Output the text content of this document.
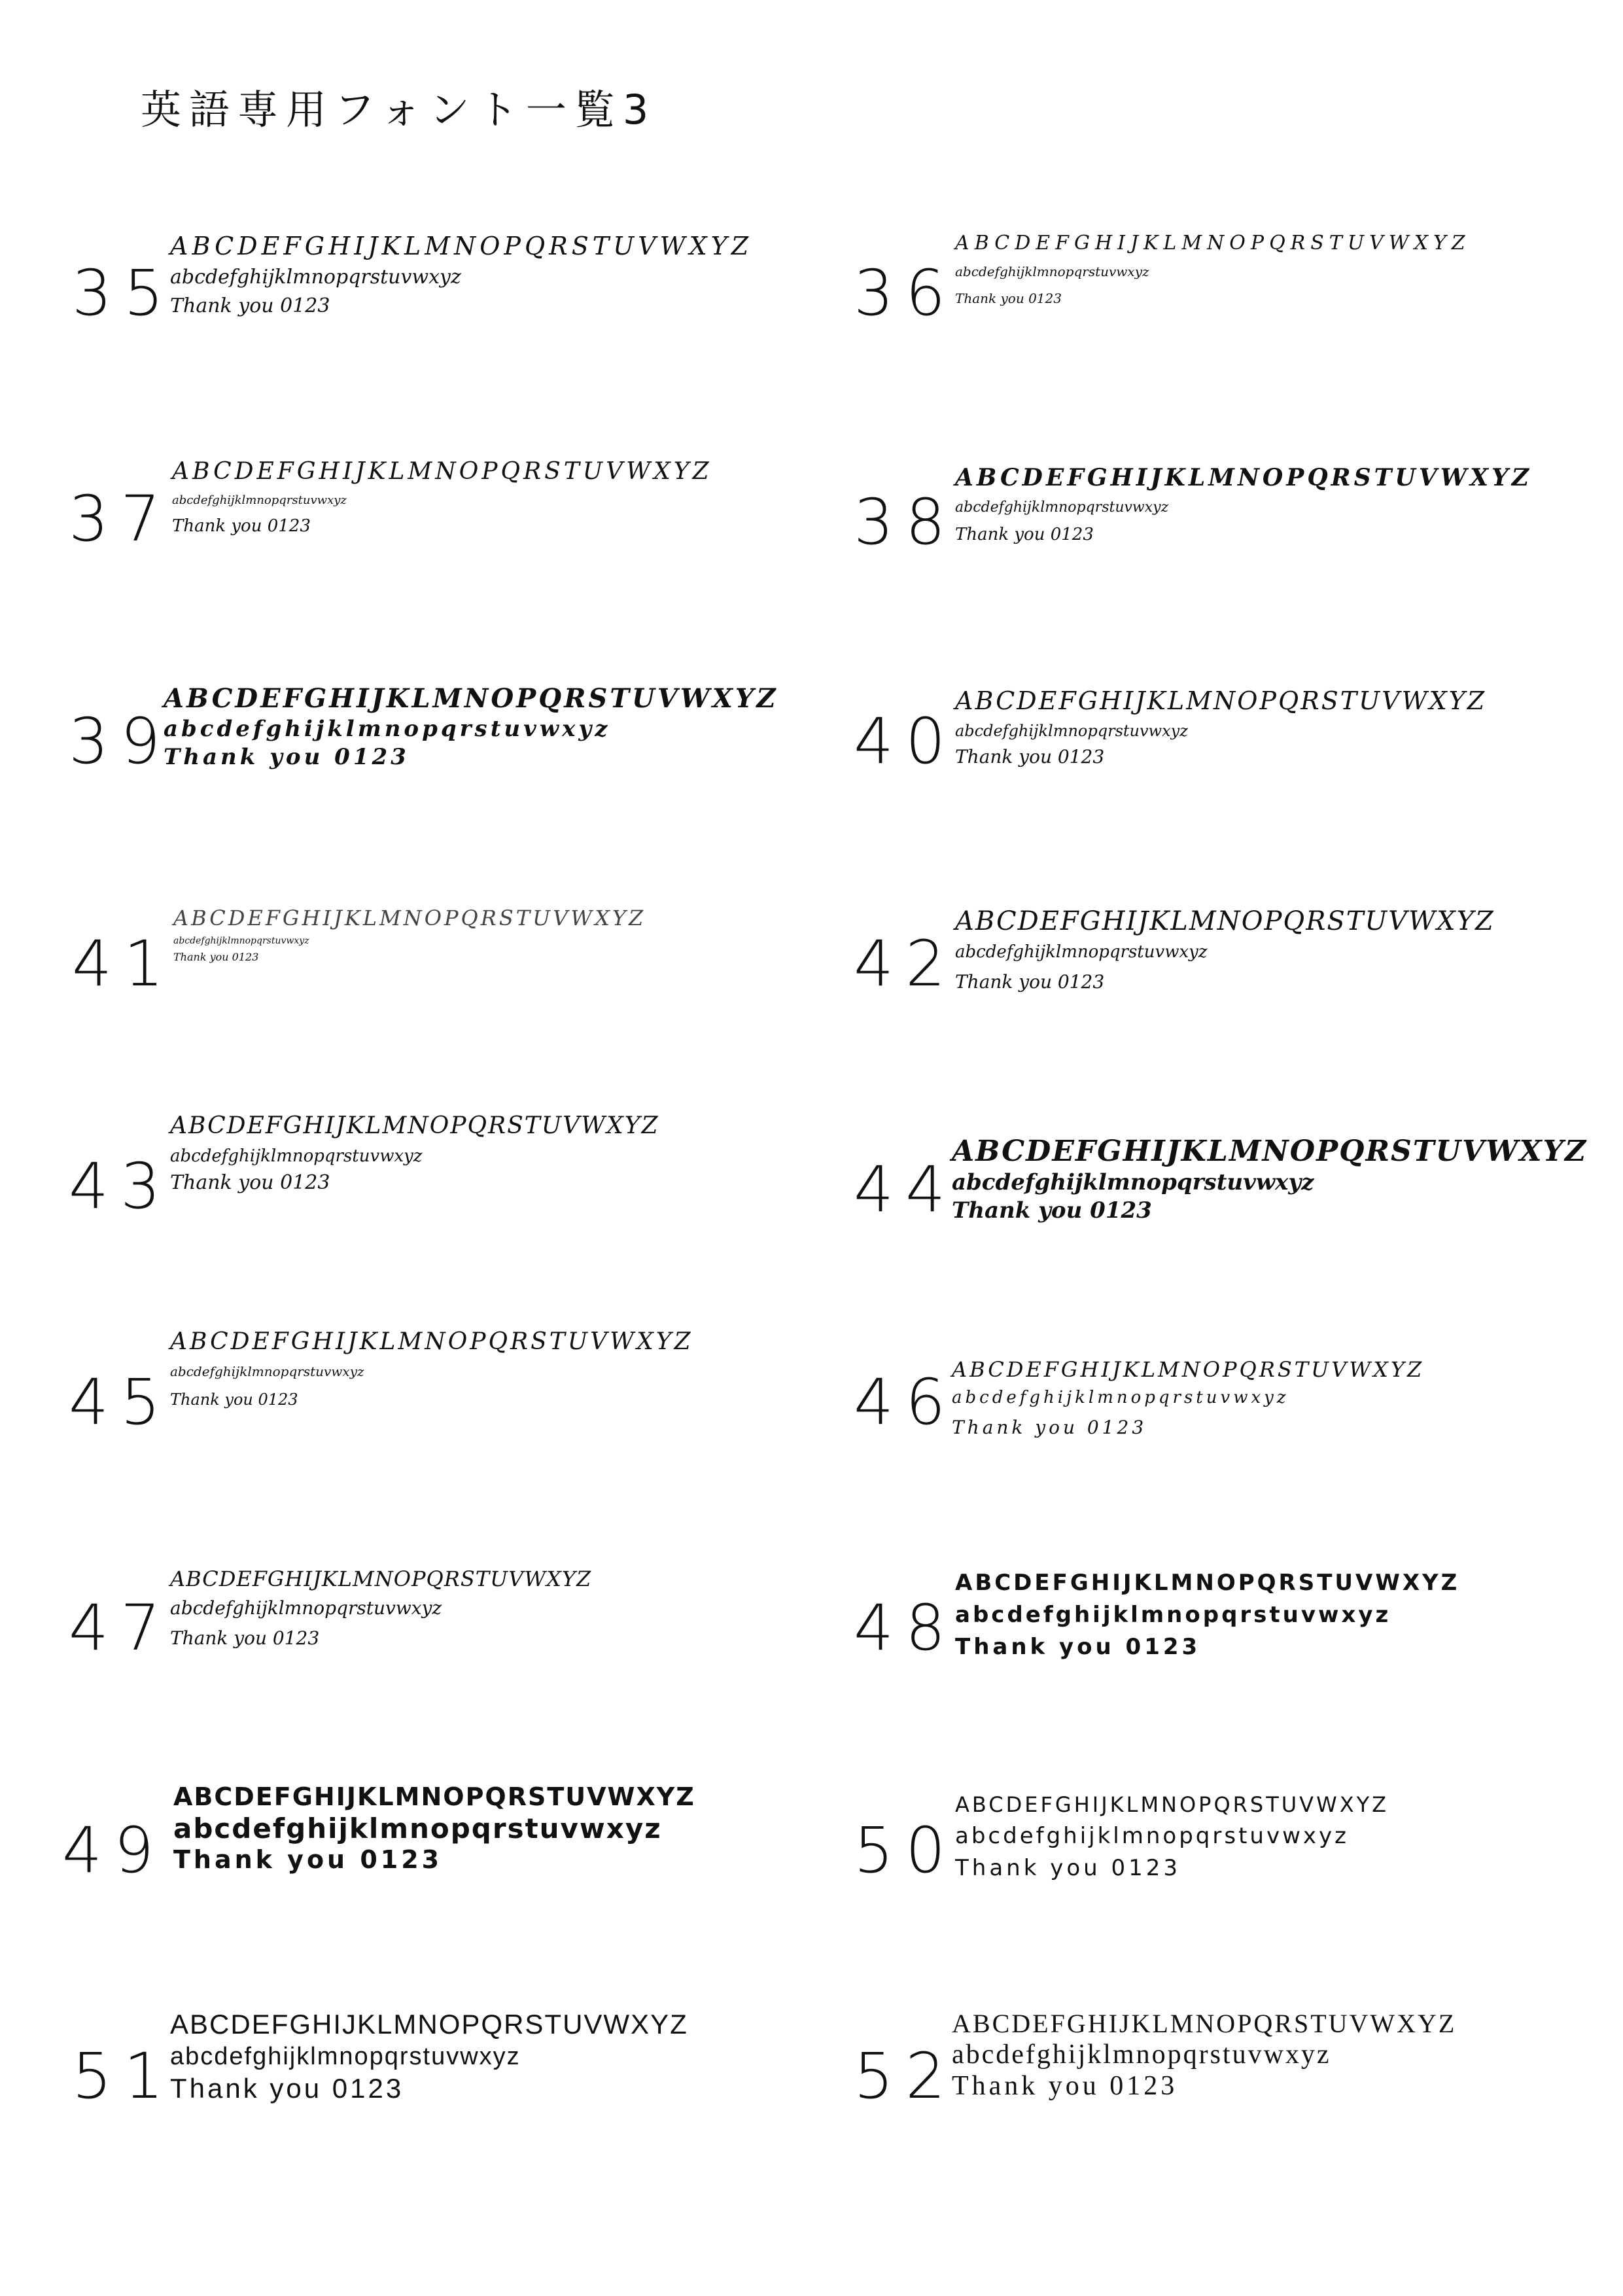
英語専用フォント一覧3
35
ABCDEFGHIJKLMNOPQRSTUVWXYZ
abcdefghijklmnopqrstuvwxyz
Thank you 0123	36
ABCDEFGHIJKLMNOPQRSTUVWXYZ
abcdefghijklmnopqrstuvwxyz
Thank you 0123
37
ABCDEFGHIJKLMNOPQRSTUVWXYZ
abcdefghijklmnopqrstuvwxyz
Thank you 0123	38
ABCDEFGHIJKLMNOPQRSTUVWXYZ
abcdefghijklmnopqrstuvwxyz
Thank you 0123
39
ABCDEFGHIJKLMNOPQRSTUVWXYZ
abcdefghijklmnopqrstuvwxyz
Thank you 0123	40
ABCDEFGHIJKLMNOPQRSTUVWXYZ
abcdefghijklmnopqrstuvwxyz
Thank you 0123
41
ABCDEFGHIJKLMNOPQRSTUVWXYZ
abcdefghijklmnopqrstuvwxyz
Thank you 0123	42
ABCDEFGHIJKLMNOPQRSTUVWXYZ
abcdefghijklmnopqrstuvwxyz
Thank you 0123
43
ABCDEFGHIJKLMNOPQRSTUVWXYZ
abcdefghijklmnopqrstuvwxyz
Thank you 0123	44
ABCDEFGHIJKLMNOPQRSTUVWXYZ
abcdefghijklmnopqrstuvwxyz
Thank you 0123
45
ABCDEFGHIJKLMNOPQRSTUVWXYZ
abcdefghijklmnopqrstuvwxyz
Thank you 0123	46
ABCDEFGHIJKLMNOPQRSTUVWXYZ
abcdefghijklmnopqrstuvwxyz
Thank you 0123
47
ABCDEFGHIJKLMNOPQRSTUVWXYZ
abcdefghijklmnopqrstuvwxyz
Thank you 0123	48
ABCDEFGHIJKLMNOPQRSTUVWXYZ
abcdefghijklmnopqrstuvwxyz
Thank you 0123
49
ABCDEFGHIJKLMNOPQRSTUVWXYZ
abcdefghijklmnopqrstuvwxyz
Thank you 0123	50
ABCDEFGHIJKLMNOPQRSTUVWXYZ
abcdefghijklmnopqrstuvwxyz
Thank you 0123
51
ABCDEFGHIJKLMNOPQRSTUVWXYZ
abcdefghijklmnopqrstuvwxyz
Thank you 0123	52
ABCDEFGHIJKLMNOPQRSTUVWXYZ
abcdefghijklmnopqrstuvwxyz
Thank you 0123
